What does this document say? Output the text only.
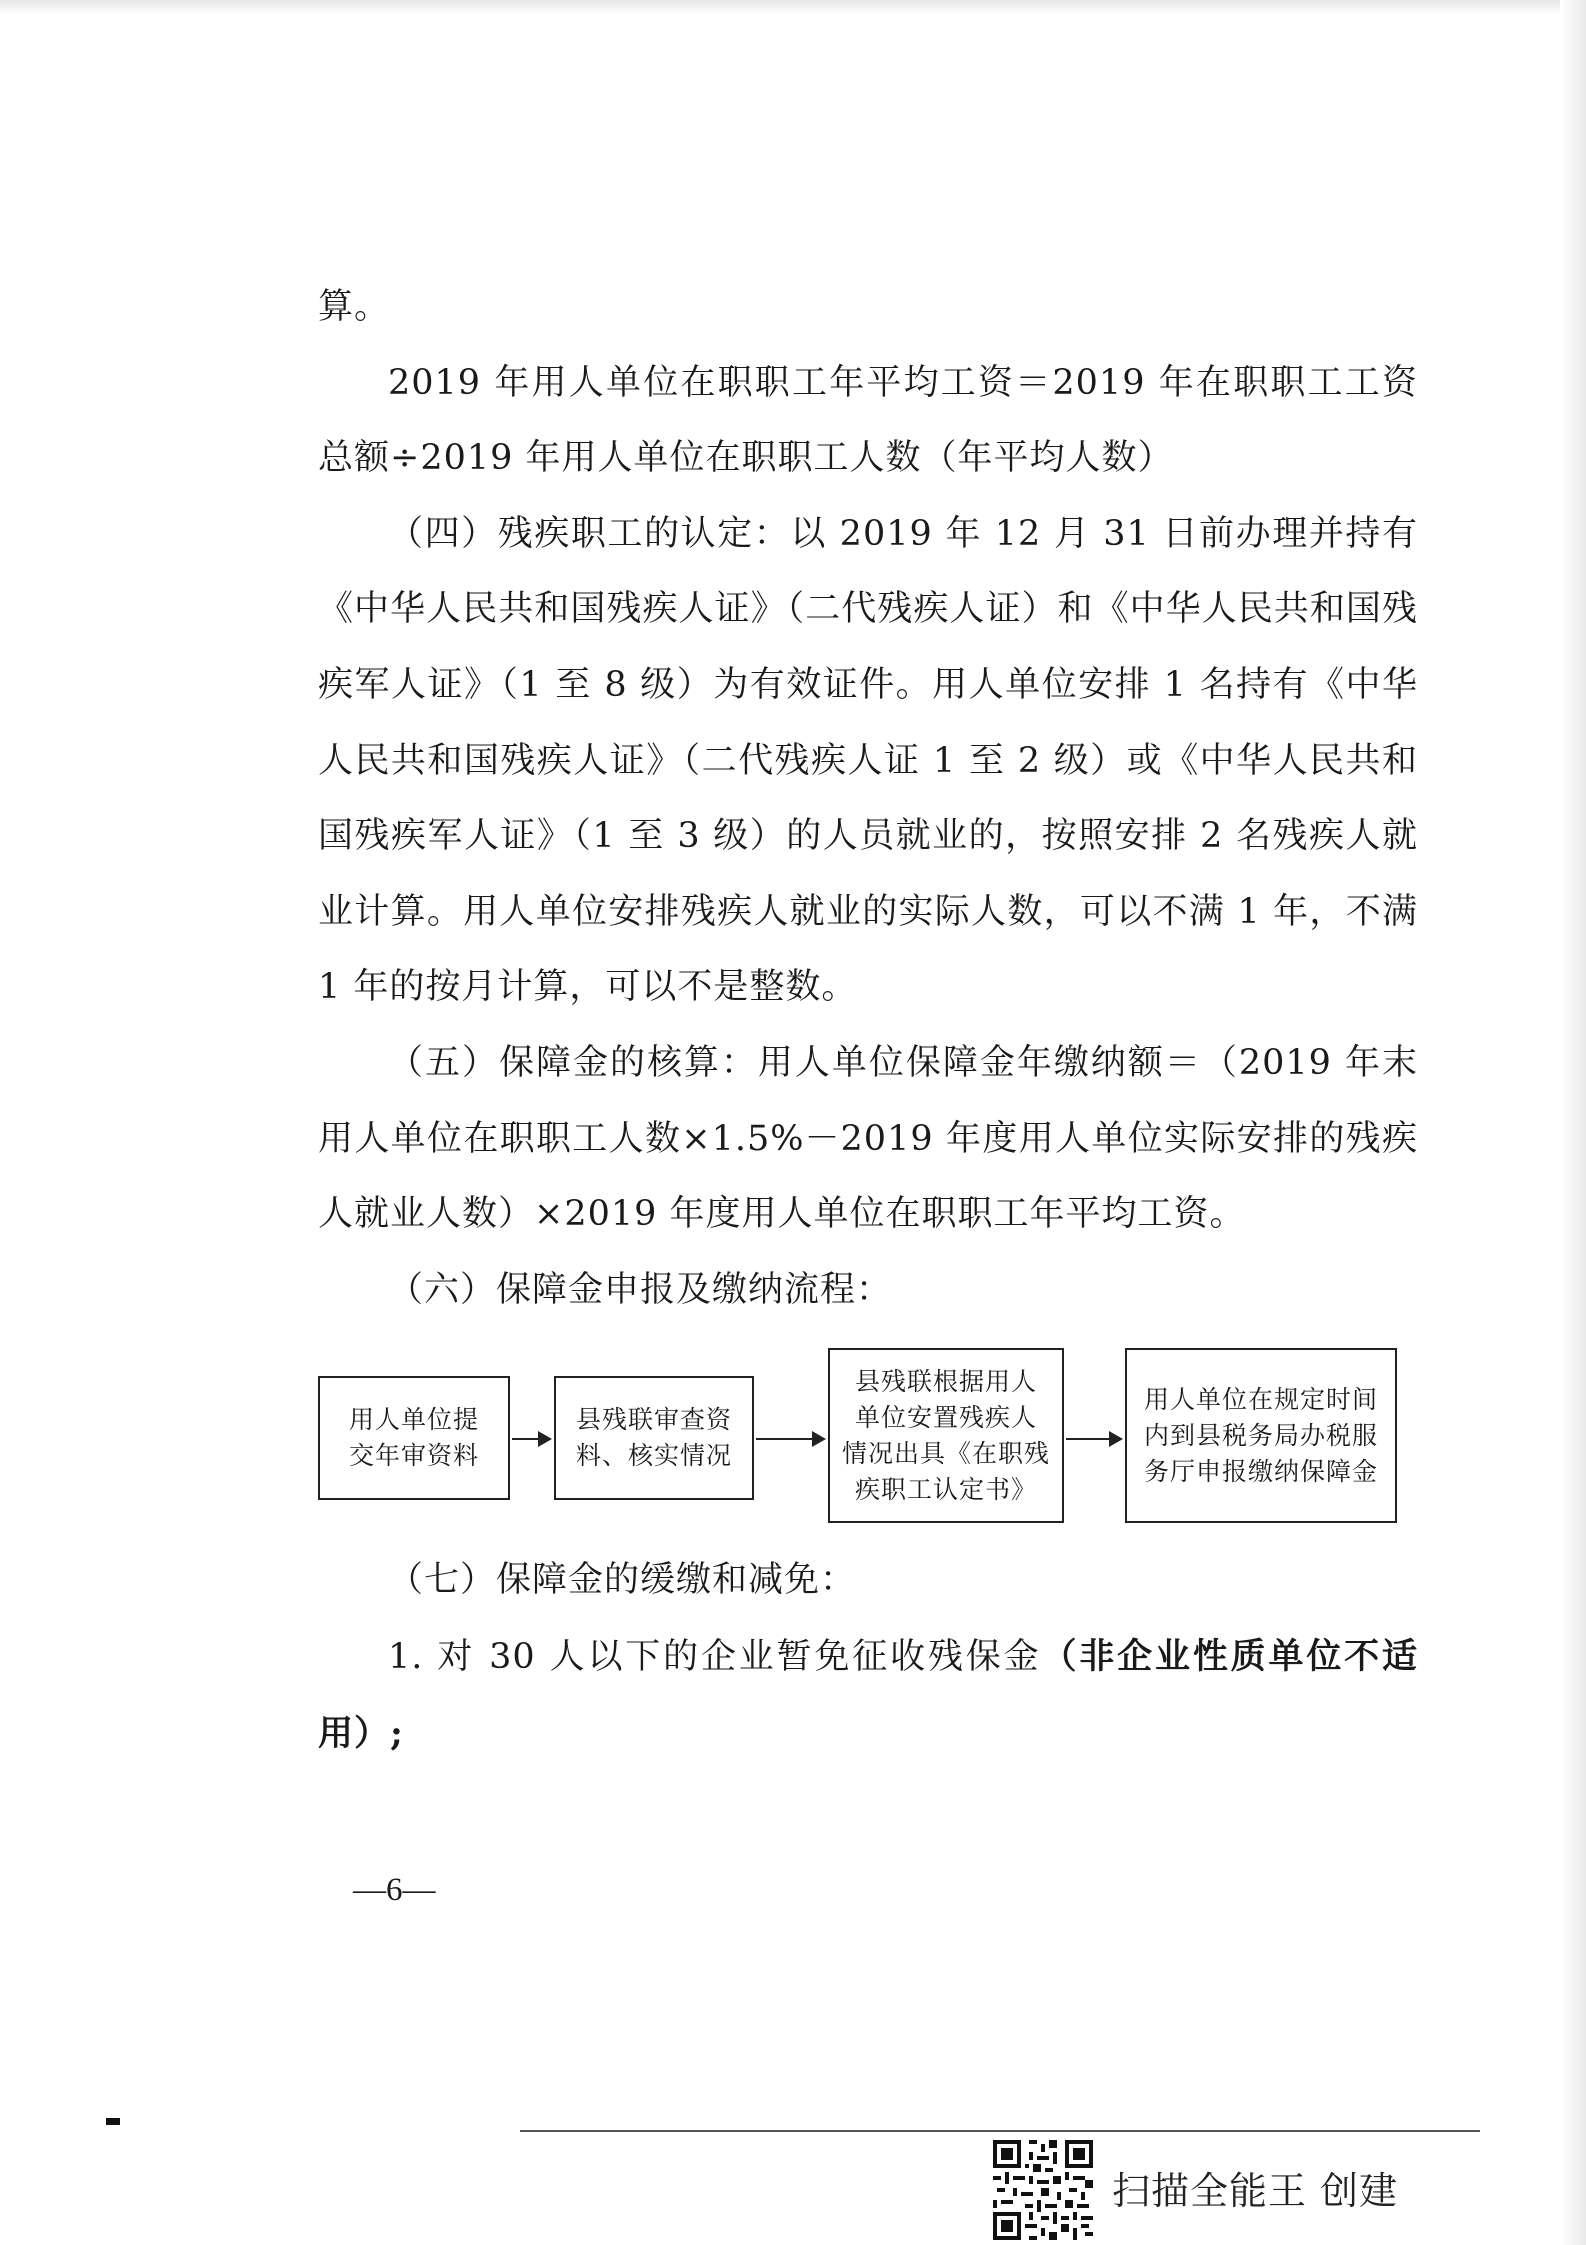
算。

2019 年用人单位在职职工年平均工资＝2019 年在职职工工资总额÷2019 年用人单位在职职工人数（年平均人数）

（四）残疾职工的认定：以 2019 年 12 月 31 日前办理并持有《中华人民共和国残疾人证》（二代残疾人证）和《中华人民共和国残疾军人证》（1 至 8 级）为有效证件。用人单位安排 1 名持有《中华人民共和国残疾人证》（二代残疾人证 1 至 2 级）或《中华人民共和国残疾军人证》（1 至 3 级）的人员就业的，按照安排 2 名残疾人就业计算。用人单位安排残疾人就业的实际人数，可以不满 1 年，不满 1 年的按月计算，可以不是整数。

（五）保障金的核算：用人单位保障金年缴纳额＝（2019 年末用人单位在职职工人数×1.5%－2019 年度用人单位实际安排的残疾人就业人数）×2019 年度用人单位在职职工年平均工资。

（六）保障金申报及缴纳流程：

用人单位提
交年审资料
县残联审查资
料、核实情况
县残联根据用人
单位安置残疾人
情况出具《在职残
疾职工认定书》
用人单位在规定时间
内到县税务局办税服
务厅申报缴纳保障金

（七）保障金的缓缴和减免：

1. 对 30 人以下的企业暂免征收残保金（非企业性质单位不适用）;

—6—
扫描全能王 创建
